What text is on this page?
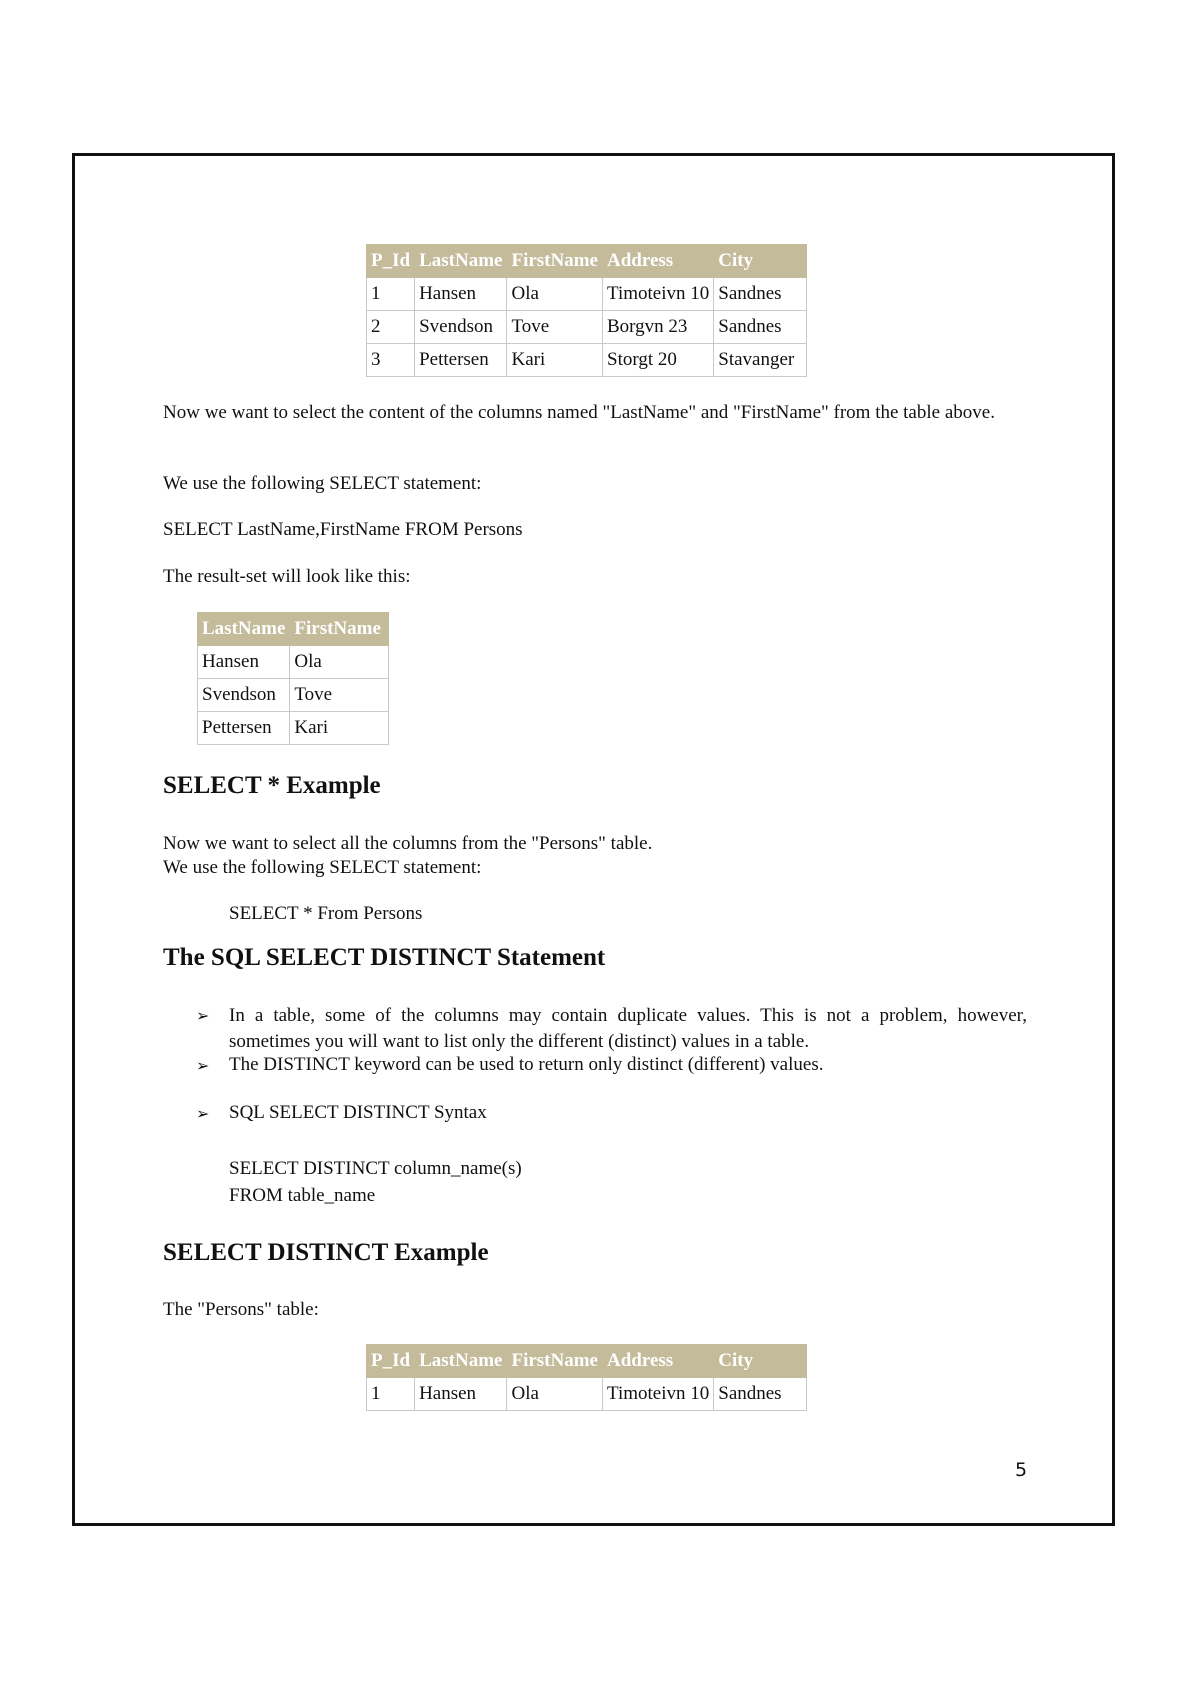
P_Id	LastName	FirstName	Address	City
1	Hansen	Ola	Timoteivn 10	Sandnes
2	Svendson	Tove	Borgvn 23	Sandnes
3	Pettersen	Kari	Storgt 20	Stavanger

Now we want to select the content of the columns named "LastName" and "FirstName" from the table above.

We use the following SELECT statement:

SELECT LastName,FirstName FROM Persons

The result-set will look like this:

LastName	FirstName
Hansen	Ola
Svendson	Tove
Pettersen	Kari
SELECT * Example

Now we want to select all the columns from the "Persons" table.

We use the following SELECT statement:

SELECT * From Persons

The SQL SELECT DISTINCT Statement
➢ In a table, some of the columns may contain duplicate values. This is not a problem, however, sometimes you will want to list only the different (distinct) values in a table.

➢ The DISTINCT keyword can be used to return only distinct (different) values.

➢ SQL SELECT DISTINCT Syntax

SELECT DISTINCT column_name(s)

FROM table_name

SELECT DISTINCT Example

The "Persons" table:

P_Id	LastName	FirstName	Address	City
1	Hansen	Ola	Timoteivn 10	Sandnes
5
